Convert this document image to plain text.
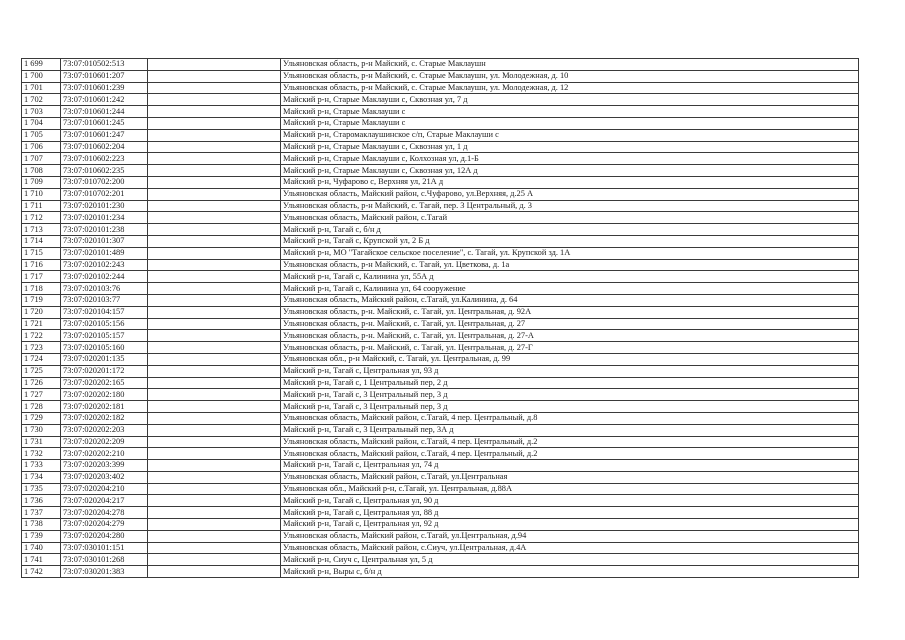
1 699	73:07:010502:513		Ульяновская область, р-н Майский, с. Старые Маклаушн
1 700	73:07:010601:207		Ульяновская область, р-н Майский, с. Старые Маклаушн, ул. Молодежная, д. 10
1 701	73:07:010601:239		Ульяновская область, р-н Майский, с. Старые Маклаушн, ул. Молодежная, д. 12
1 702	73:07:010601:242		Майский р-н, Старые Маклауши с, Сквозная ул, 7 д
1 703	73:07:010601:244		Майский р-н, Старые Маклауши с
1 704	73:07:010601:245		Майский р-н, Старые Маклауши с
1 705	73:07:010601:247		Майский р-н, Старомаклаушинское с/п, Старые Маклауши с
1 706	73:07:010602:204		Майский р-н, Старые Маклауши с, Сквозная ул, 1 д
1 707	73:07:010602:223		Майский р-н, Старые Маклауши с, Колхозная ул, д.1-Б
1 708	73:07:010602:235		Майский р-н, Старые Маклауши с, Сквозная ул, 12А д
1 709	73:07:010702:200		Майский р-н, Чуфарово с, Верхняя ул, 21А д
1 710	73:07:010702:201		Ульяновская область, Майский район, с.Чуфарово, ул.Верхняя, д.25 А
1 711	73:07:020101:230		Ульяновская область, р-н Майский, с. Тагай, пер. 3 Центральный, д. 3
1 712	73:07:020101:234		Ульяновская область, Майский район, с.Тагай
1 713	73:07:020101:238		Майский р-н, Тагай с, б/н д
1 714	73:07:020101:307		Майский р-н, Тагай с, Крупской ул, 2 Б д
1 715	73:07:020101:489		Майский р-н, МО "Тагайское сельское поселение", с. Тагай, ул. Крупской зд. 1А
1 716	73:07:020102:243		Ульяновская область, р-н Майский, с. Тагай, ул. Цветкова, д. 1а
1 717	73:07:020102:244		Майский р-н, Тагай с, Калинина ул, 55А д
1 718	73:07:020103:76		Майский р-н, Тагай с, Калинина ул, 64 сооружение
1 719	73:07:020103:77		Ульяновская область, Майский район, с.Тагай, ул.Калинина, д. 64
1 720	73:07:020104:157		Ульяновская область, р-н. Майский, с. Тагай, ул. Центральная, д. 92А
1 721	73:07:020105:156		Ульяновская область, р-н. Майский, с. Тагай, ул. Центральная, д. 27
1 722	73:07:020105:157		Ульяновская область, р-н. Майский, с. Тагай, ул. Центральная, д. 27-А
1 723	73:07:020105:160		Ульяновская область, р-н. Майский, с. Тагай, ул. Центральная, д. 27-Г
1 724	73:07:020201:135		Ульяновская обл., р-н Майский, с. Тагай, ул. Центральная, д. 99
1 725	73:07:020201:172		Майский р-н, Тагай с, Центральная ул, 93 д
1 726	73:07:020202:165		Майский р-н, Тагай с, 1 Центральный пер, 2 д
1 727	73:07:020202:180		Майский р-н, Тагай с, 3 Центральный пер, 3 д
1 728	73:07:020202:181		Майский р-н, Тагай с, 3 Центральный пер, 3 д
1 729	73:07:020202:182		Ульяновская область, Майский район, с.Тагай, 4 пер. Центральный, д.8
1 730	73:07:020202:203		Майский р-н, Тагай с, 3 Центральный пер, 3А д
1 731	73:07:020202:209		Ульяновская область, Майский район, с.Тагай, 4 пер. Центральный, д.2
1 732	73:07:020202:210		Ульяновская область, Майский район, с.Тагай, 4 пер. Центральный, д.2
1 733	73:07:020203:399		Майский р-н, Тагай с, Центральная ул, 74 д
1 734	73:07:020203:402		Ульяновская область, Майский район, с.Тагай, ул.Центральная
1 735	73:07:020204:210		Ульяновская обл., Майский р-н, с.Тагай, ул. Центральная, д.88А
1 736	73:07:020204:217		Майский р-н, Тагай с, Центральная ул, 90 д
1 737	73:07:020204:278		Майский р-н, Тагай с, Центральная ул, 88 д
1 738	73:07:020204:279		Майский р-н, Тагай с, Центральная ул, 92 д
1 739	73:07:020204:280		Ульяновская область, Майский район, с.Тагай, ул.Центральная, д.94
1 740	73:07:030101:151		Ульяновская область, Майский район, с.Сиуч, ул.Центральная, д.4А
1 741	73:07:030101:268		Майский р-н, Сиуч с, Центральная ул, 5 д
1 742	73:07:030201:383		Майский р-н, Выры с, б/н д
